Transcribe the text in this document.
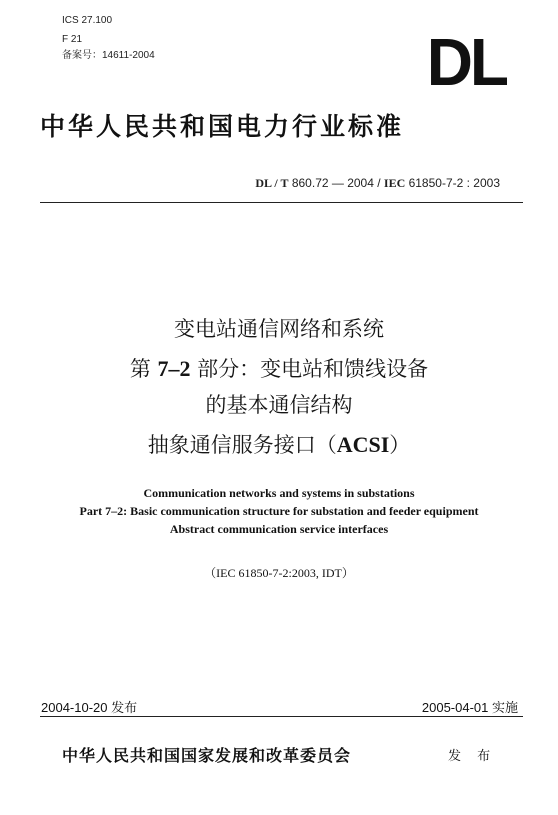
ICS 27.100
F 21
备案号：14611-2004	DL
中华人民共和国电力行业标准
DL / T 860.72 — 2004 / IEC 61850-7-2 : 2003
变电站通信网络和系统
第 7–2 部分：变电站和馈线设备
的基本通信结构
抽象通信服务接口（ACSI）
Communication networks and systems in substations
Part 7–2: Basic communication structure for substation and feeder equipment
Abstract communication service interfaces
（IEC 61850-7-2:2003, IDT）
2004-10-20 发布	2005-04-01 实施
中华人民共和国国家发展和改革委员会	发 布
